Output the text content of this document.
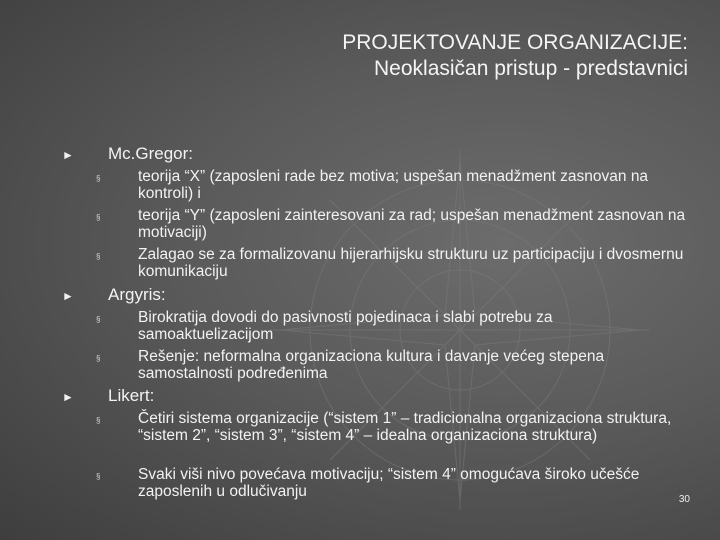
PROJEKTOVANJE ORGANIZACIJE:
Neoklasičan pristup - predstavnici
► Mc.Gregor:
§ teorija “X” (zaposleni rade bez motiva; uspešan menadžment zasnovan na kontroli) i
§ teorija “Y” (zaposleni zainteresovani za rad; uspešan menadžment zasnovan na motivaciji)
§ Zalagao se za formalizovanu hijerarhijsku strukturu uz participaciju i dvosmernu komunikaciju
► Argyris:
§ Birokratija dovodi do pasivnosti pojedinaca i slabi potrebu za samoaktuelizacijom
§ Rešenje: neformalna organizaciona kultura i davanje većeg stepena samostalnosti podređenima
► Likert:
§ Četiri sistema organizacije (“sistem 1” – tradicionalna organizaciona struktura, “sistem 2”, “sistem 3”, “sistem 4” – idealna organizaciona struktura)
§ Svaki viši nivo povećava motivaciju; “sistem 4” omogućava široko učešće zaposlenih u odlučivanju	30
